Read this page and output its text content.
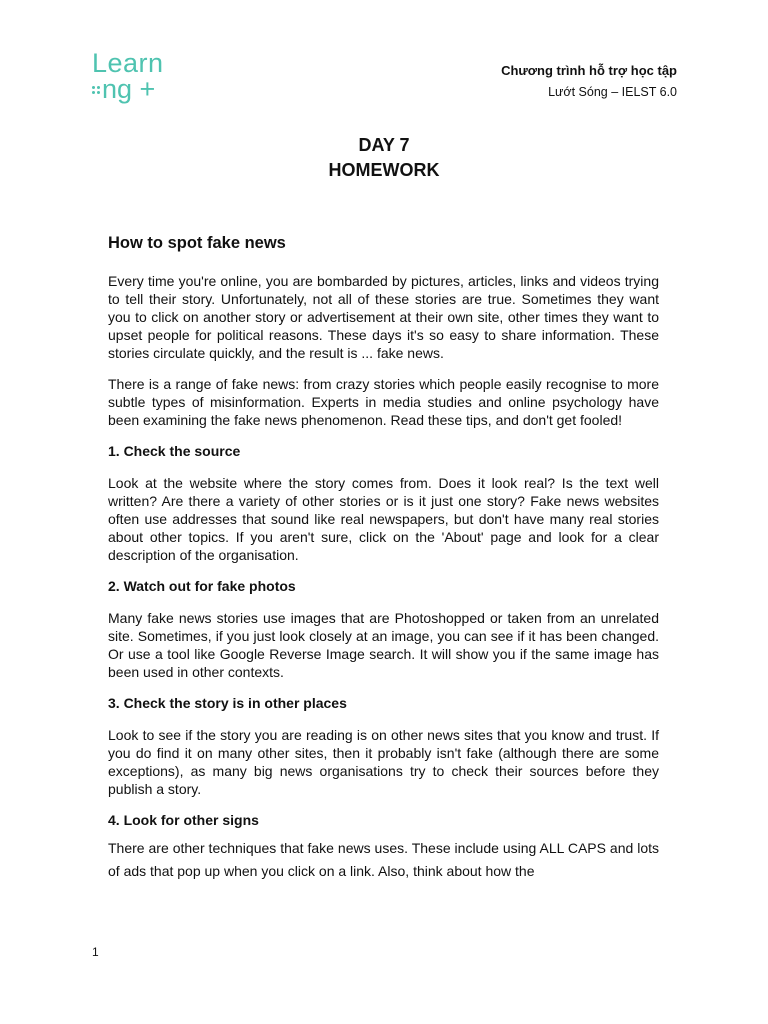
Learn
ng +
Chương trình hỗ trợ học tập
Lướt Sóng – IELST 6.0
DAY 7
HOMEWORK
How to spot fake news

Every time you're online, you are bombarded by pictures, articles, links and videos trying to tell their story. Unfortunately, not all of these stories are true. Sometimes they want you to click on another story or advertisement at their own site, other times they want to upset people for political reasons. These days it's so easy to share information. These stories circulate quickly, and the result is ... fake news.

There is a range of fake news: from crazy stories which people easily recognise to more subtle types of misinformation. Experts in media studies and online psychology have been examining the fake news phenomenon. Read these tips, and don't get fooled!

1. Check the source

Look at the website where the story comes from. Does it look real? Is the text well written? Are there a variety of other stories or is it just one story? Fake news websites often use addresses that sound like real newspapers, but don't have many real stories about other topics. If you aren't sure, click on the 'About' page and look for a clear description of the organisation.

2. Watch out for fake photos

Many fake news stories use images that are Photoshopped or taken from an unrelated site. Sometimes, if you just look closely at an image, you can see if it has been changed. Or use a tool like Google Reverse Image search. It will show you if the same image has been used in other contexts.

3. Check the story is in other places

Look to see if the story you are reading is on other news sites that you know and trust. If you do find it on many other sites, then it probably isn't fake (although there are some exceptions), as many big news organisations try to check their sources before they publish a story.

4. Look for other signs

There are other techniques that fake news uses. These include using ALL CAPS and lots of ads that pop up when you click on a link. Also, think about how the

1
